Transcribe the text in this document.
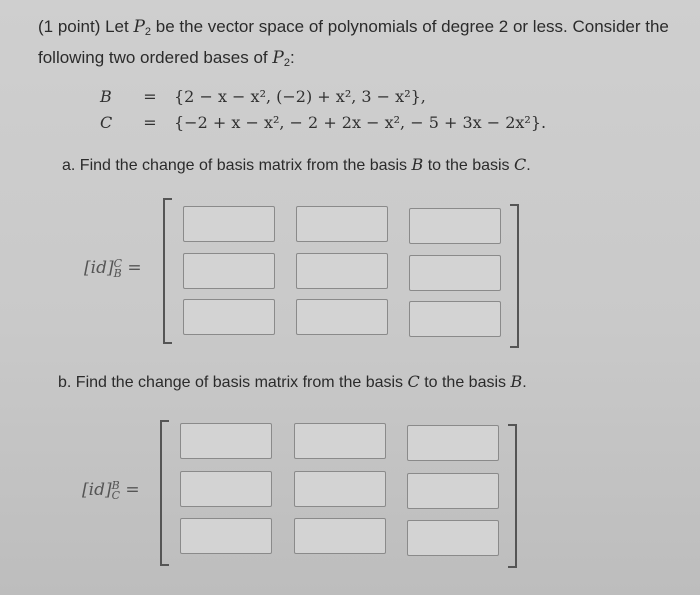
(1 point) Let $P_2$ be the vector space of polynomials of degree 2 or less. Consider the following two ordered bases of $P_2$:
B	=	{2 − x − x², (−2) + x², 3 − x²},
C	=	{−2 + x − x², − 2 + 2x − x², − 5 + 3x − 2x²}.
a. Find the change of basis matrix from the basis B to the basis C.
[id] C
B =
b. Find the change of basis matrix from the basis C to the basis B.
[id] B
C =
